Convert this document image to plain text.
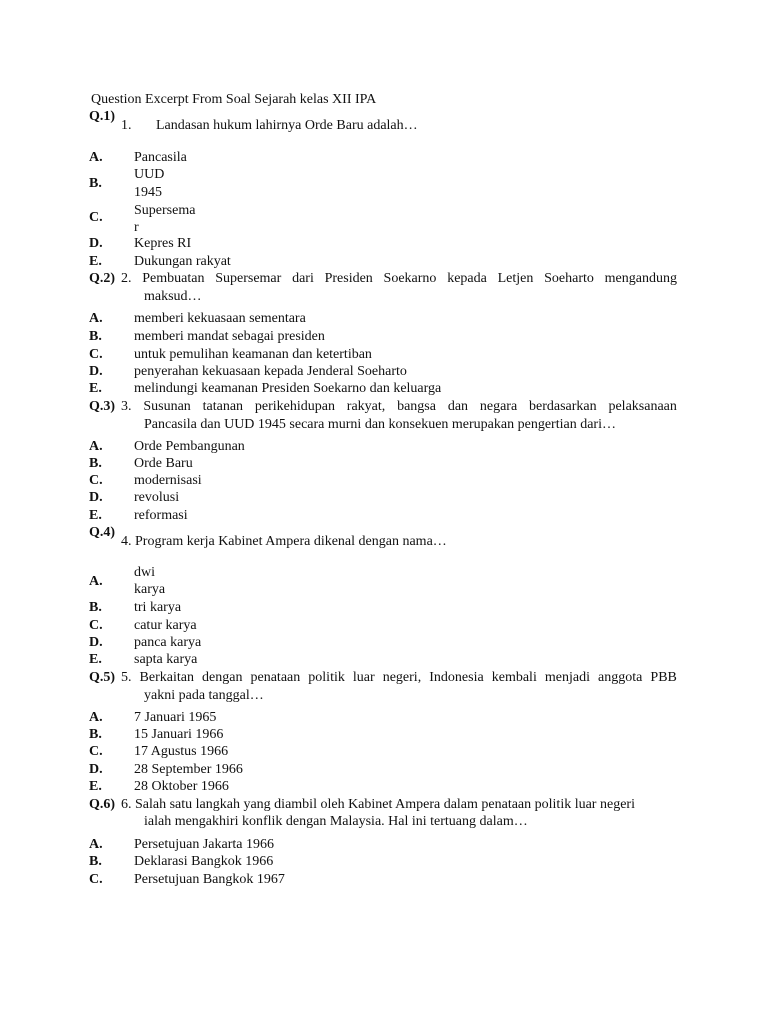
Question Excerpt From Soal Sejarah kelas XII IPA
Q.1)
1. Landasan hukum lahirnya Orde Baru adalah…
A. Pancasila
B.
UUD
1945
C. Supersema
r
D. Kepres RI
E. Dukungan rakyat
Q.2) 2. Pembuatan Supersemar dari Presiden Soekarno kepada Letjen Soeharto mengandung
maksud…
A. memberi kekuasaan sementara
B. memberi mandat sebagai presiden
C. untuk pemulihan keamanan dan ketertiban
D. penyerahan kekuasaan kepada Jenderal Soeharto
E. melindungi keamanan Presiden Soekarno dan keluarga
Q.3) 3. Susunan tatanan perikehidupan rakyat, bangsa dan negara berdasarkan pelaksanaan
Pancasila dan UUD 1945 secara murni dan konsekuen merupakan pengertian dari…
A. Orde Pembangunan
B. Orde Baru
C. modernisasi
D. revolusi
E. reformasi
Q.4)
4. Program kerja Kabinet Ampera dikenal dengan nama…
A.
dwi
karya
B. tri karya
C. catur karya
D. panca karya
E. sapta karya
Q.5) 5. Berkaitan dengan penataan politik luar negeri, Indonesia kembali menjadi anggota PBB
yakni pada tanggal…
A. 7 Januari 1965
B. 15 Januari 1966
C. 17 Agustus 1966
D. 28 September 1966
E. 28 Oktober 1966
Q.6) 6. Salah satu langkah yang diambil oleh Kabinet Ampera dalam penataan politik luar negeri
ialah mengakhiri konflik dengan Malaysia. Hal ini tertuang dalam…
A. Persetujuan Jakarta 1966
B. Deklarasi Bangkok 1966
C. Persetujuan Bangkok 1967
